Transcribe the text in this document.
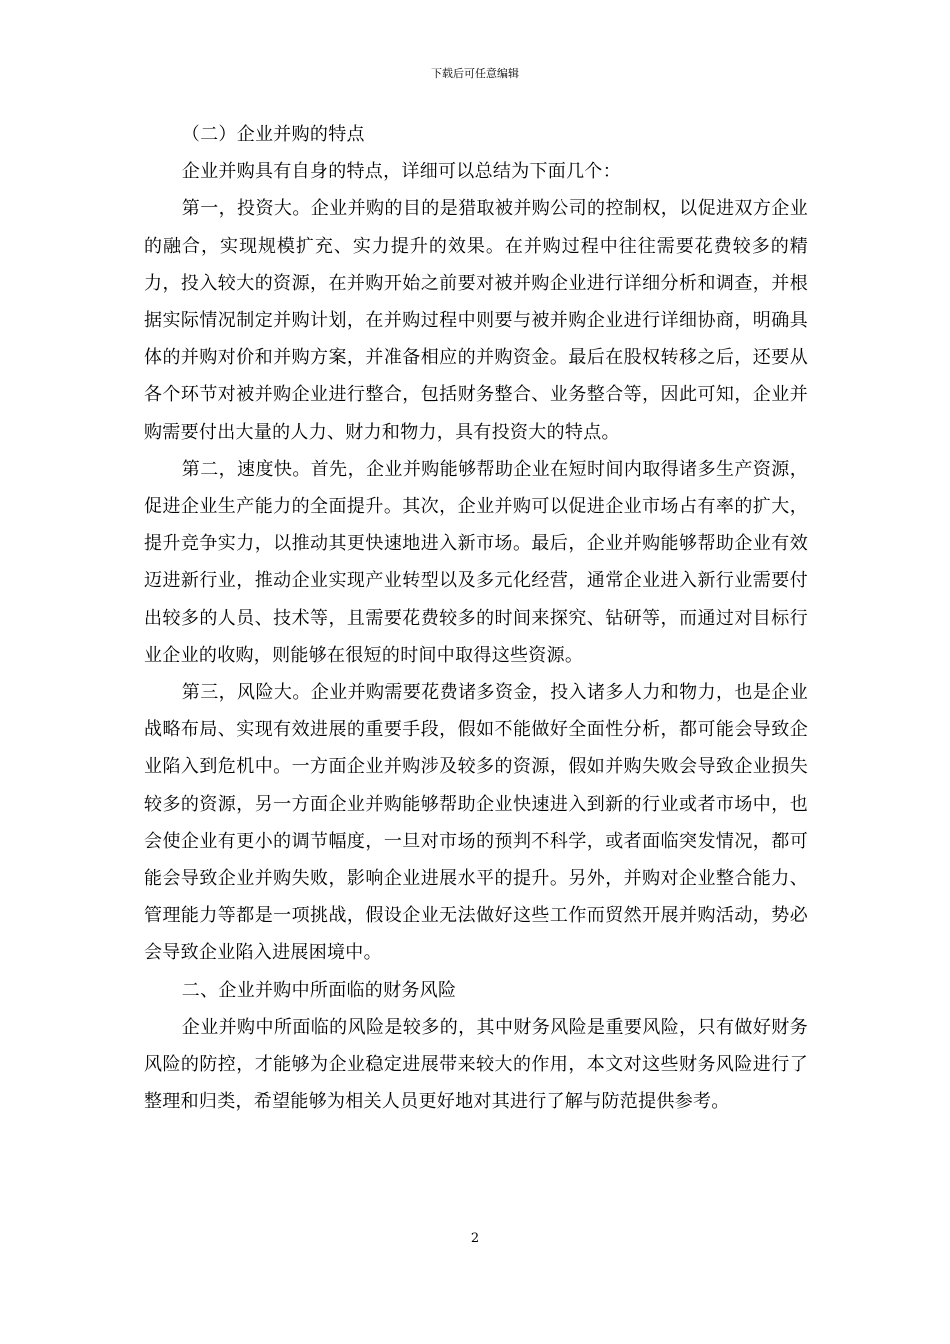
下载后可任意编辑

（二）企业并购的特点

企业并购具有自身的特点，详细可以总结为下面几个：

第一，投资大。企业并购的目的是猎取被并购公司的控制权，以促进双方企业的融合，实现规模扩充、实力提升的效果。在并购过程中往往需要花费较多的精力，投入较大的资源，在并购开始之前要对被并购企业进行详细分析和调查，并根据实际情况制定并购计划，在并购过程中则要与被并购企业进行详细协商，明确具体的并购对价和并购方案，并准备相应的并购资金。最后在股权转移之后，还要从各个环节对被并购企业进行整合，包括财务整合、业务整合等，因此可知，企业并购需要付出大量的人力、财力和物力，具有投资大的特点。

第二，速度快。首先，企业并购能够帮助企业在短时间内取得诸多生产资源，促进企业生产能力的全面提升。其次，企业并购可以促进企业市场占有率的扩大，提升竞争实力，以推动其更快速地进入新市场。最后，企业并购能够帮助企业有效迈进新行业，推动企业实现产业转型以及多元化经营，通常企业进入新行业需要付出较多的人员、技术等，且需要花费较多的时间来探究、钻研等，而通过对目标行业企业的收购，则能够在很短的时间中取得这些资源。

第三，风险大。企业并购需要花费诸多资金，投入诸多人力和物力，也是企业战略布局、实现有效进展的重要手段，假如不能做好全面性分析，都可能会导致企业陷入到危机中。一方面企业并购涉及较多的资源，假如并购失败会导致企业损失较多的资源，另一方面企业并购能够帮助企业快速进入到新的行业或者市场中，也会使企业有更小的调节幅度，一旦对市场的预判不科学，或者面临突发情况，都可能会导致企业并购失败，影响企业进展水平的提升。另外，并购对企业整合能力、管理能力等都是一项挑战，假设企业无法做好这些工作而贸然开展并购活动，势必会导致企业陷入进展困境中。

二、企业并购中所面临的财务风险

企业并购中所面临的风险是较多的，其中财务风险是重要风险，只有做好财务风险的防控，才能够为企业稳定进展带来较大的作用，本文对这些财务风险进行了整理和归类，希望能够为相关人员更好地对其进行了解与防范提供参考。

2
